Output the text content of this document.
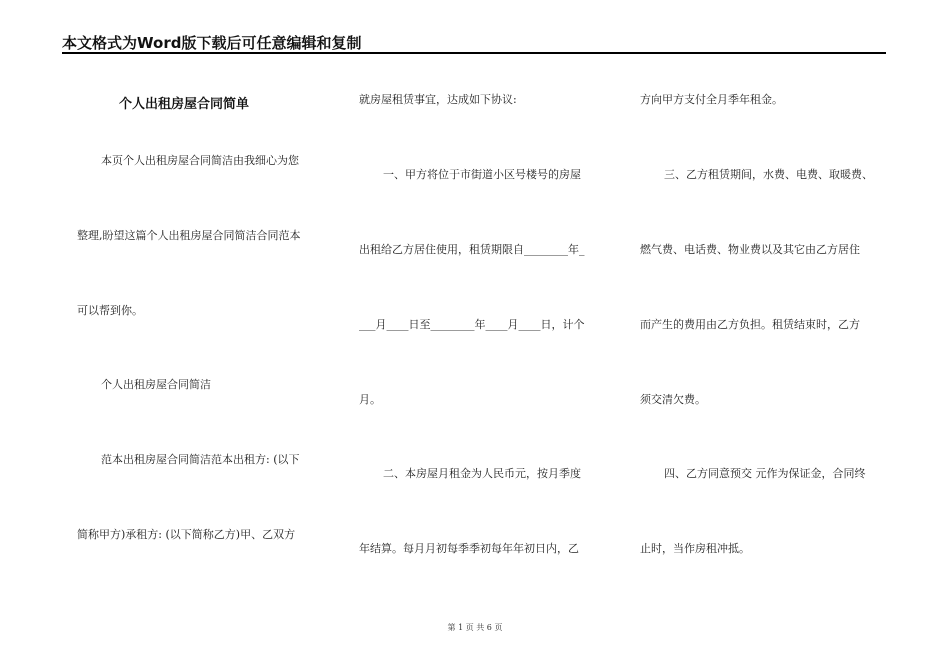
本文格式为Word版下载后可任意编辑和复制
个人出租房屋合同简单
本页个人出租房屋合同简洁由我细心为您
整理,盼望这篇个人出租房屋合同简洁合同范本
可以帮到你。
个人出租房屋合同简洁
范本出租房屋合同简洁范本出租方: (以下
简称甲方)承租方: (以下简称乙方)甲、乙双方
就房屋租赁事宜，达成如下协议:
一、甲方将位于市街道小区号楼号的房屋
出租给乙方居住使用，租赁期限自________年_
___月____日至________年____月____日，计个
月。
二、本房屋月租金为人民币元，按月季度
年结算。每月月初每季季初每年年初日内，乙
方向甲方支付全月季年租金。
三、乙方租赁期间，水费、电费、取暖费、
燃气费、电话费、物业费以及其它由乙方居住
而产生的费用由乙方负担。租赁结束时，乙方
须交清欠费。
四、乙方同意预交 元作为保证金，合同终
止时，当作房租冲抵。
第 1 页 共 6 页
